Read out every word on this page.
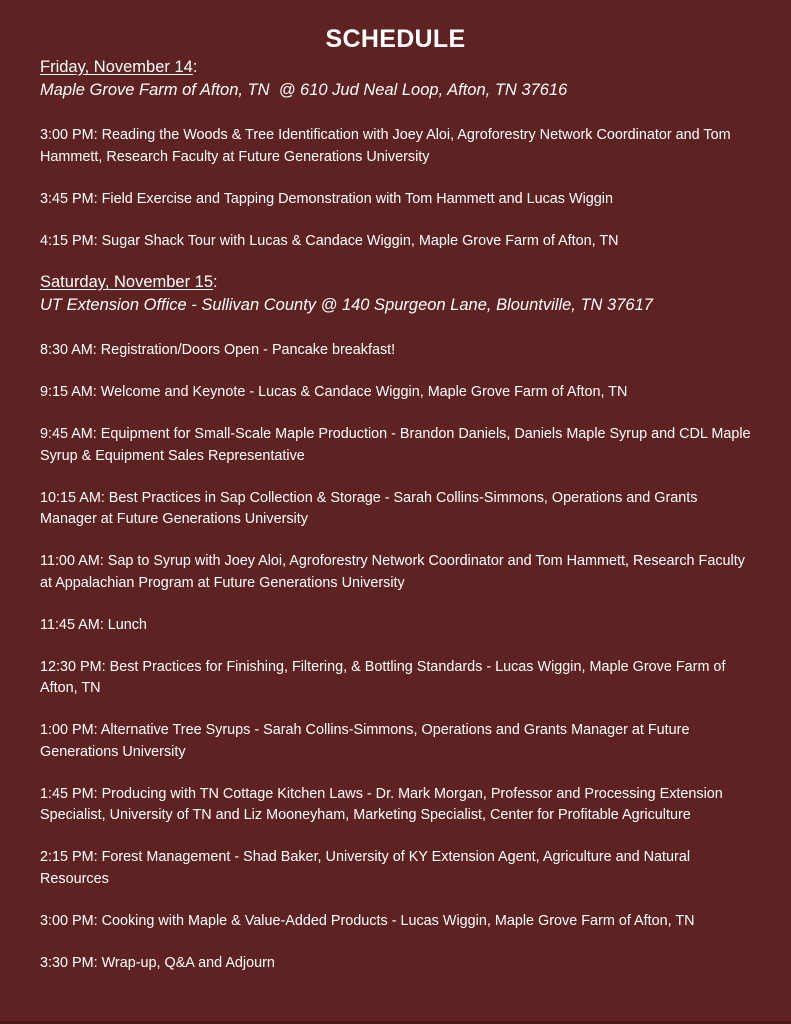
SCHEDULE
Friday, November 14:
Maple Grove Farm of Afton, TN  @ 610 Jud Neal Loop, Afton, TN 37616
3:00 PM: Reading the Woods & Tree Identification with Joey Aloi, Agroforestry Network Coordinator and Tom Hammett, Research Faculty at Future Generations University
3:45 PM: Field Exercise and Tapping Demonstration with Tom Hammett and Lucas Wiggin
4:15 PM: Sugar Shack Tour with Lucas & Candace Wiggin, Maple Grove Farm of Afton, TN
Saturday, November 15:
UT Extension Office - Sullivan County @ 140 Spurgeon Lane, Blountville, TN 37617
8:30 AM: Registration/Doors Open - Pancake breakfast!
9:15 AM: Welcome and Keynote - Lucas & Candace Wiggin, Maple Grove Farm of Afton, TN
9:45 AM: Equipment for Small-Scale Maple Production - Brandon Daniels, Daniels Maple Syrup and CDL Maple Syrup & Equipment Sales Representative
10:15 AM: Best Practices in Sap Collection & Storage - Sarah Collins-Simmons, Operations and Grants Manager at Future Generations University
11:00 AM: Sap to Syrup with Joey Aloi, Agroforestry Network Coordinator and Tom Hammett, Research Faculty at Appalachian Program at Future Generations University
11:45 AM: Lunch
12:30 PM: Best Practices for Finishing, Filtering, & Bottling Standards - Lucas Wiggin, Maple Grove Farm of Afton, TN
1:00 PM: Alternative Tree Syrups - Sarah Collins-Simmons, Operations and Grants Manager at Future Generations University
1:45 PM: Producing with TN Cottage Kitchen Laws - Dr. Mark Morgan, Professor and Processing Extension Specialist, University of TN and Liz Mooneyham, Marketing Specialist, Center for Profitable Agriculture
2:15 PM: Forest Management - Shad Baker, University of KY Extension Agent, Agriculture and Natural Resources
3:00 PM: Cooking with Maple & Value-Added Products - Lucas Wiggin, Maple Grove Farm of Afton, TN
3:30 PM: Wrap-up, Q&A and Adjourn
